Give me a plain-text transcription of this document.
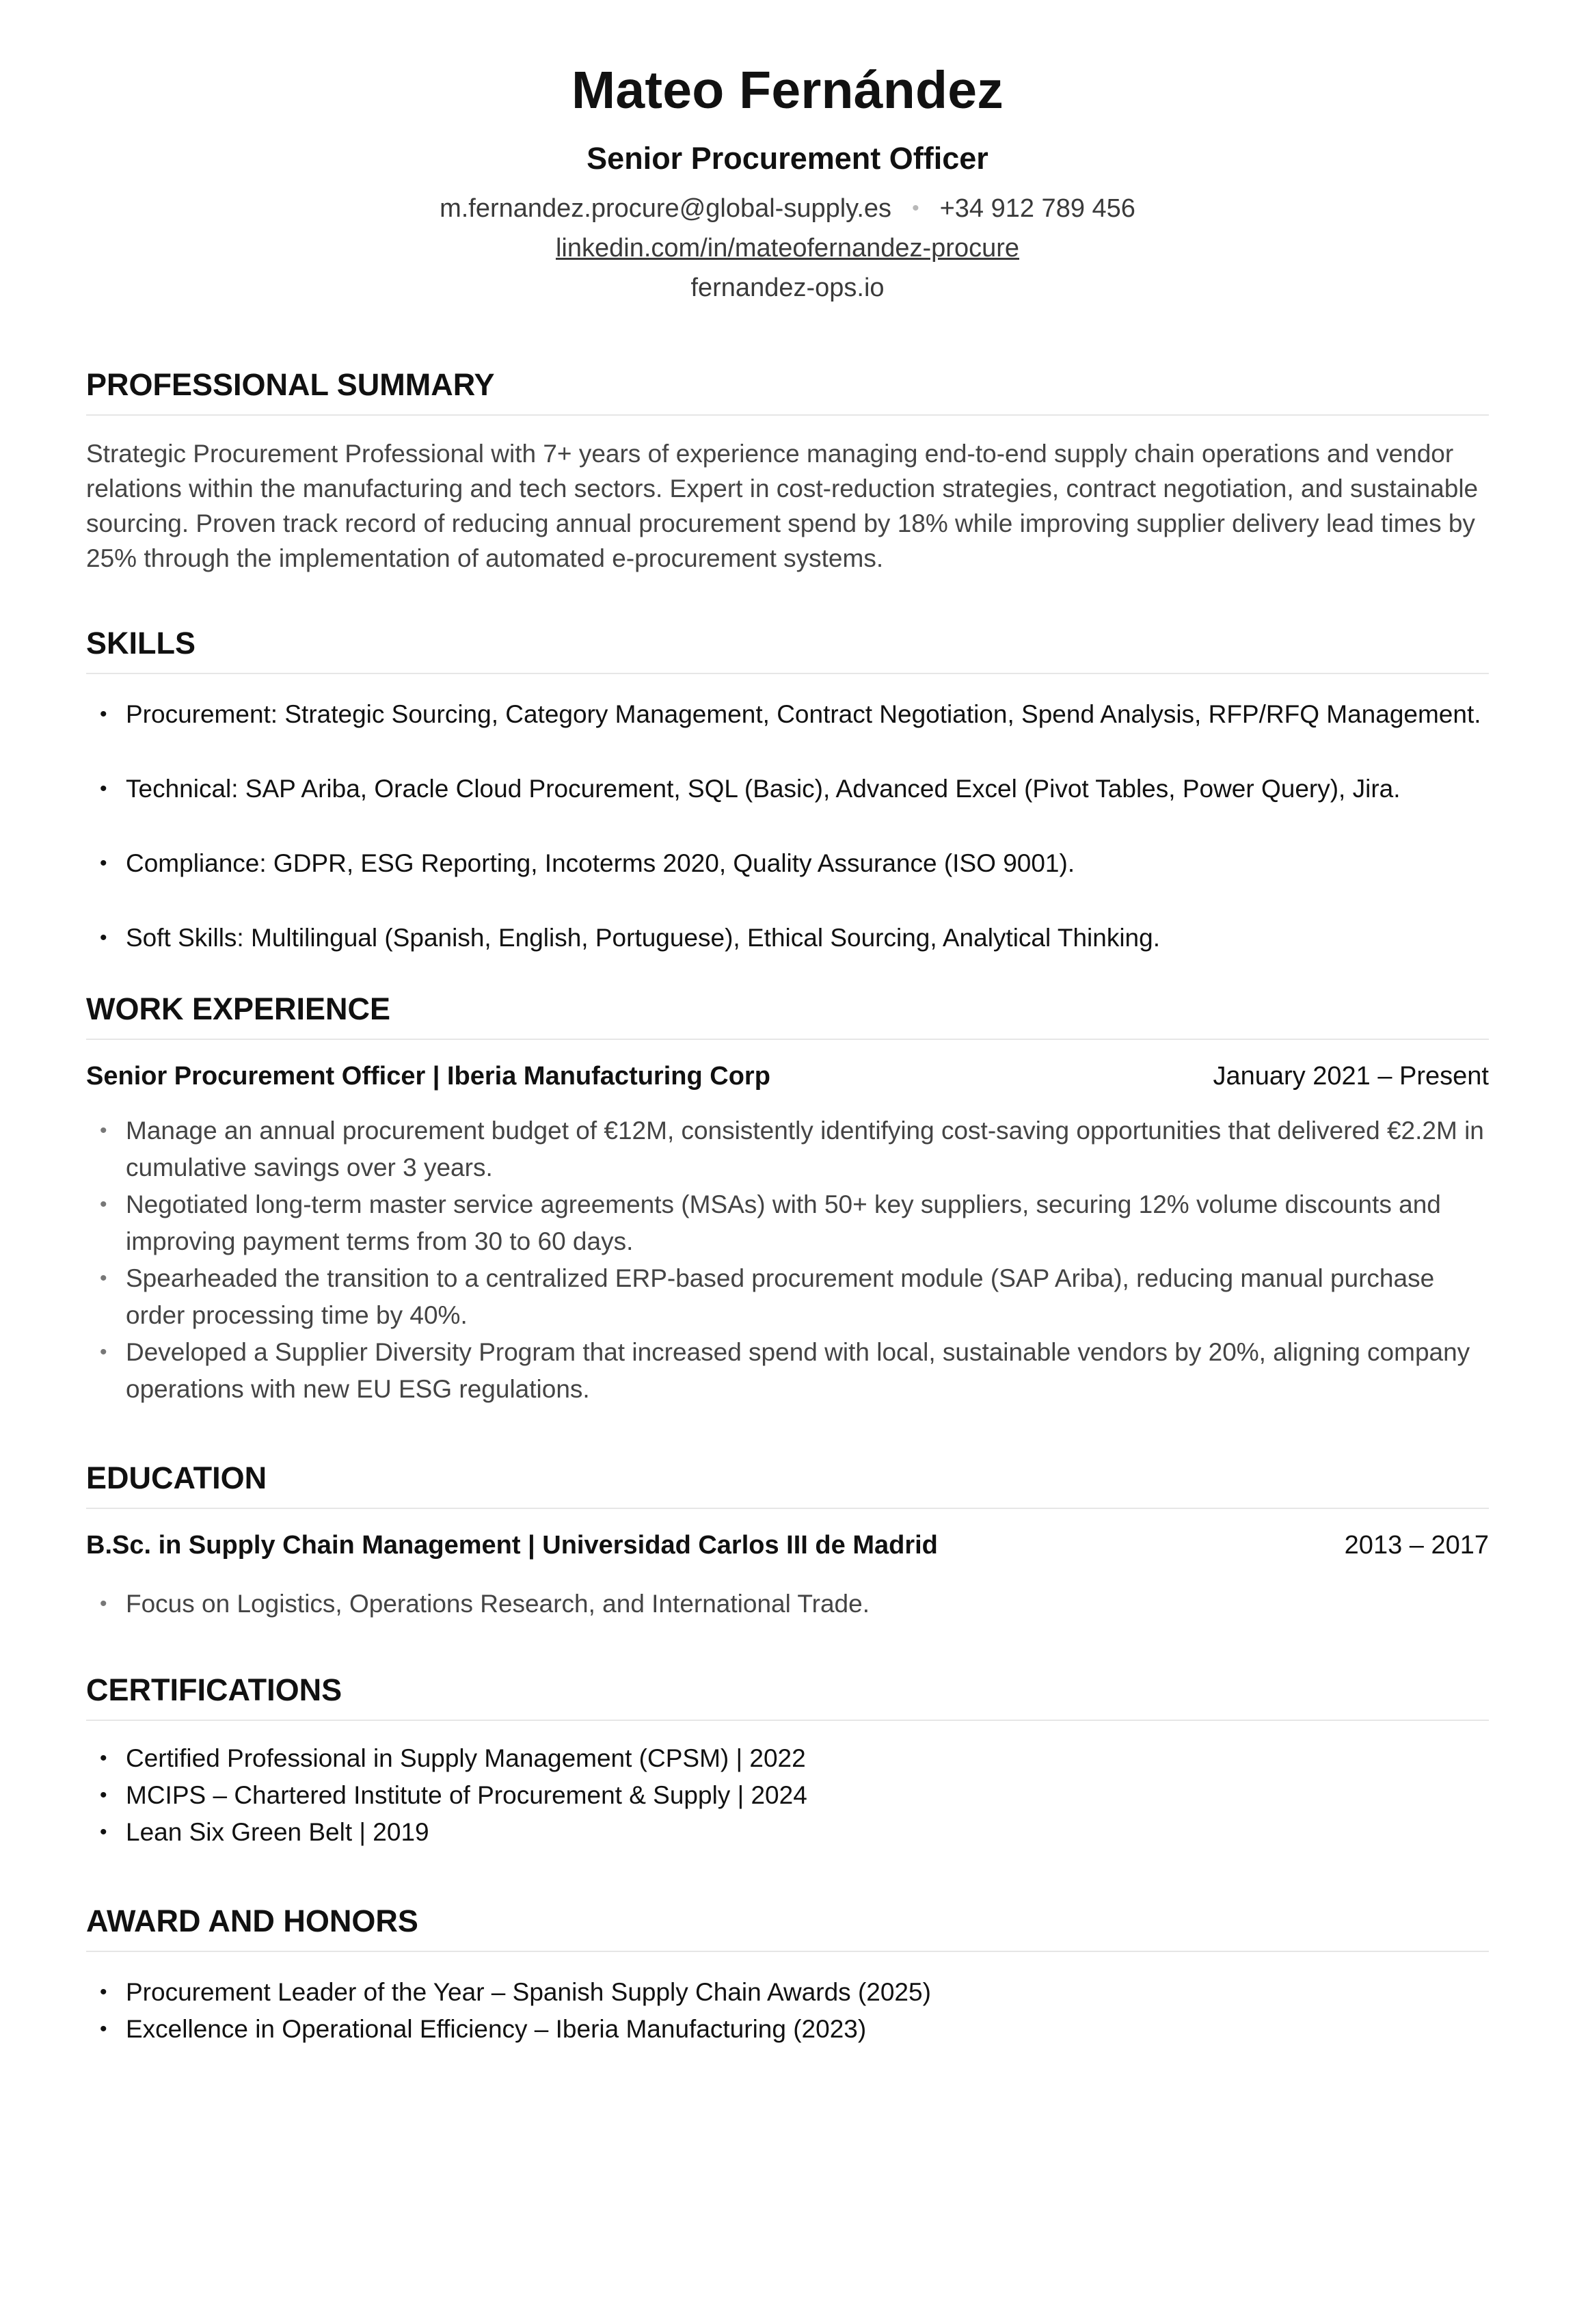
Mateo Fernández
Senior Procurement Officer
m.fernandez.procure@global-supply.es • +34 912 789 456
linkedin.com/in/mateofernandez-procure
fernandez-ops.io
PROFESSIONAL SUMMARY

Strategic Procurement Professional with 7+ years of experience managing end-to-end supply chain operations and vendor relations within the manufacturing and tech sectors. Expert in cost-reduction strategies, contract negotiation, and sustainable sourcing. Proven track record of reducing annual procurement spend by 18% while improving supplier delivery lead times by 25% through the implementation of automated e-procurement systems.

SKILLS
• Procurement: Strategic Sourcing, Category Management, Contract Negotiation, Spend Analysis, RFP/RFQ Management.
• Technical: SAP Ariba, Oracle Cloud Procurement, SQL (Basic), Advanced Excel (Pivot Tables, Power Query), Jira.
• Compliance: GDPR, ESG Reporting, Incoterms 2020, Quality Assurance (ISO 9001).
• Soft Skills: Multilingual (Spanish, English, Portuguese), Ethical Sourcing, Analytical Thinking.
WORK EXPERIENCE
Senior Procurement Officer | Iberia Manufacturing Corp	January 2021 – Present
• Manage an annual procurement budget of €12M, consistently identifying cost-saving opportunities that delivered €2.2M in cumulative savings over 3 years.
• Negotiated long-term master service agreements (MSAs) with 50+ key suppliers, securing 12% volume discounts and improving payment terms from 30 to 60 days.
• Spearheaded the transition to a centralized ERP-based procurement module (SAP Ariba), reducing manual purchase order processing time by 40%.
• Developed a Supplier Diversity Program that increased spend with local, sustainable vendors by 20%, aligning company operations with new EU ESG regulations.
EDUCATION
B.Sc. in Supply Chain Management | Universidad Carlos III de Madrid	2013 – 2017
• Focus on Logistics, Operations Research, and International Trade.
CERTIFICATIONS
• Certified Professional in Supply Management (CPSM) | 2022
• MCIPS – Chartered Institute of Procurement & Supply | 2024
• Lean Six Green Belt | 2019
AWARD AND HONORS
• Procurement Leader of the Year – Spanish Supply Chain Awards (2025)
• Excellence in Operational Efficiency – Iberia Manufacturing (2023)
